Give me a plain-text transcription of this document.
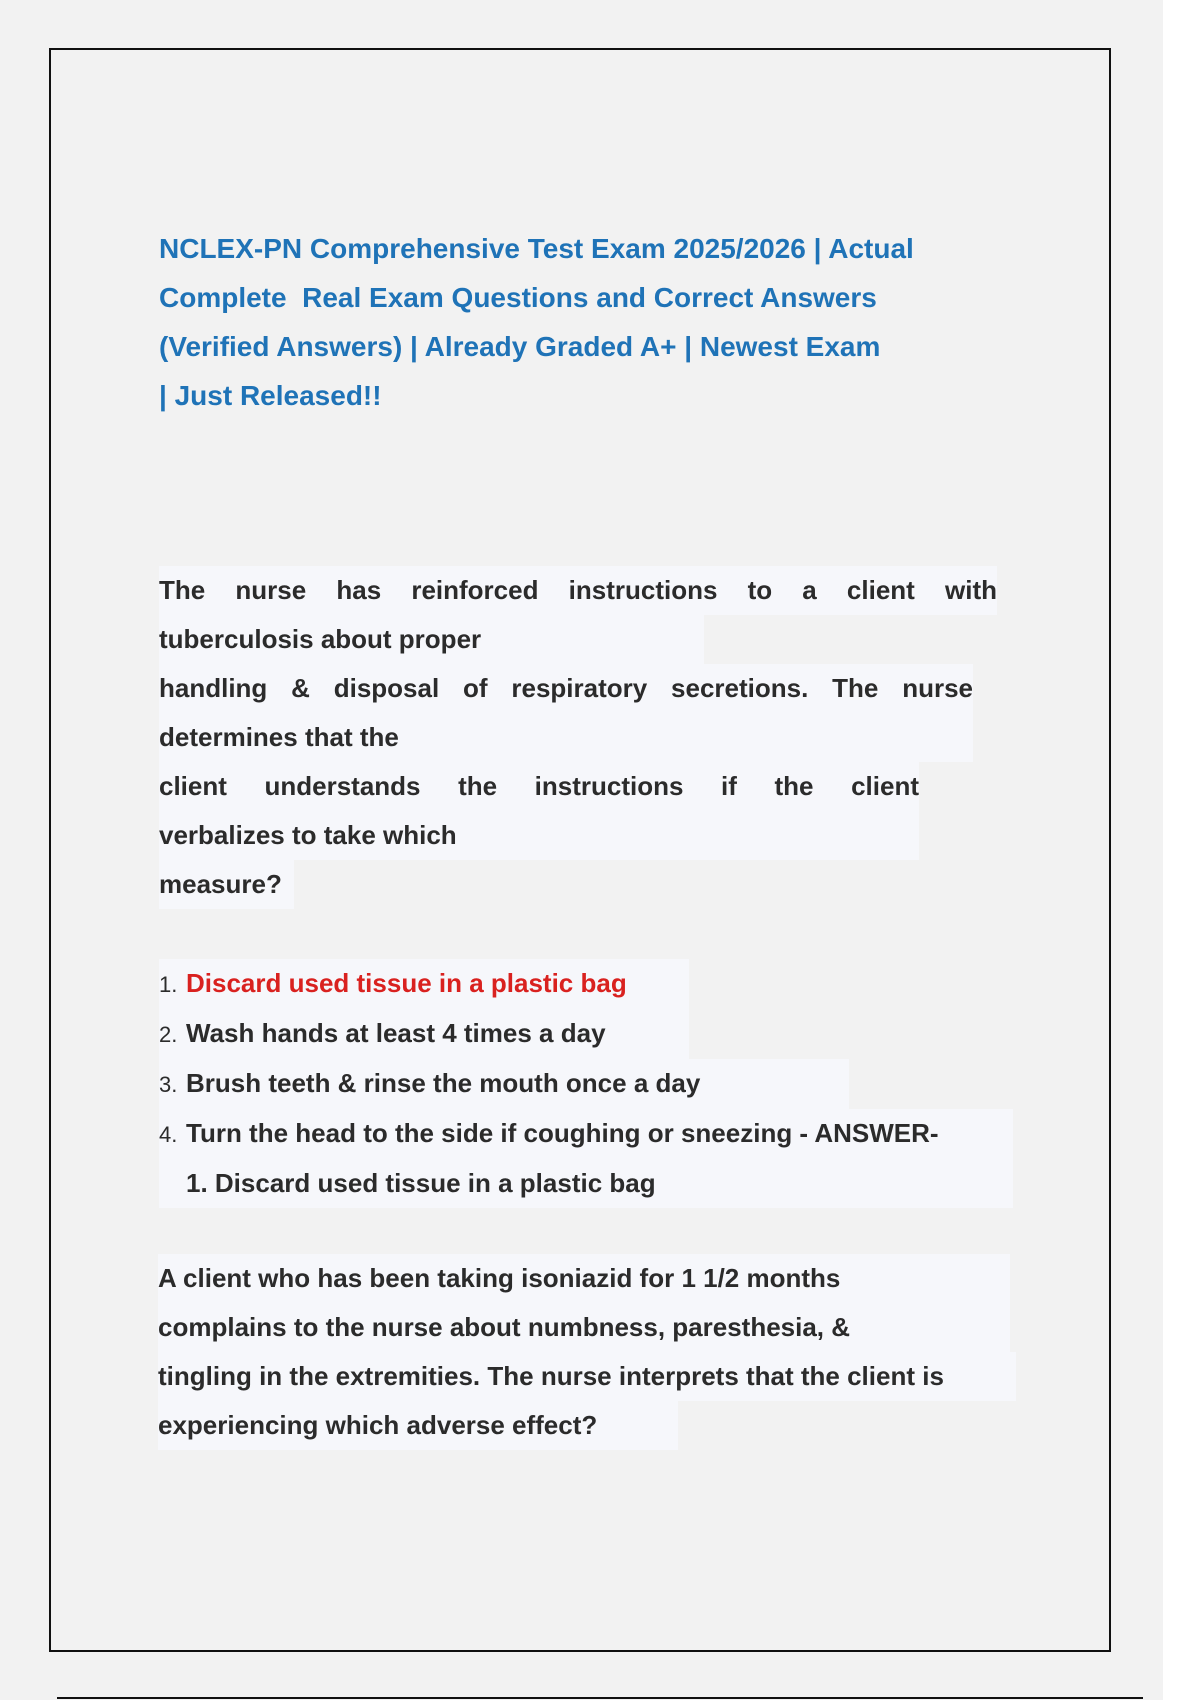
NCLEX-PN Comprehensive Test Exam 2025/2026 | Actual
Complete  Real Exam Questions and Correct Answers
(Verified Answers) | Already Graded A+ | Newest Exam
| Just Released!!
The nurse has reinforced instructions to a client with
tuberculosis about proper
handling & disposal of respiratory secretions. The nurse
determines that the
client understands the instructions if the client
verbalizes to take which
measure?
1. Discard used tissue in a plastic bag
2. Wash hands at least 4 times a day
3. Brush teeth & rinse the mouth once a day
4. Turn the head to the side if coughing or sneezing - ANSWER-
1. Discard used tissue in a plastic bag
A client who has been taking isoniazid for 1 1/2 months
complains to the nurse about numbness, paresthesia, &
tingling in the extremities. The nurse interprets that the client is
experiencing which adverse effect?
